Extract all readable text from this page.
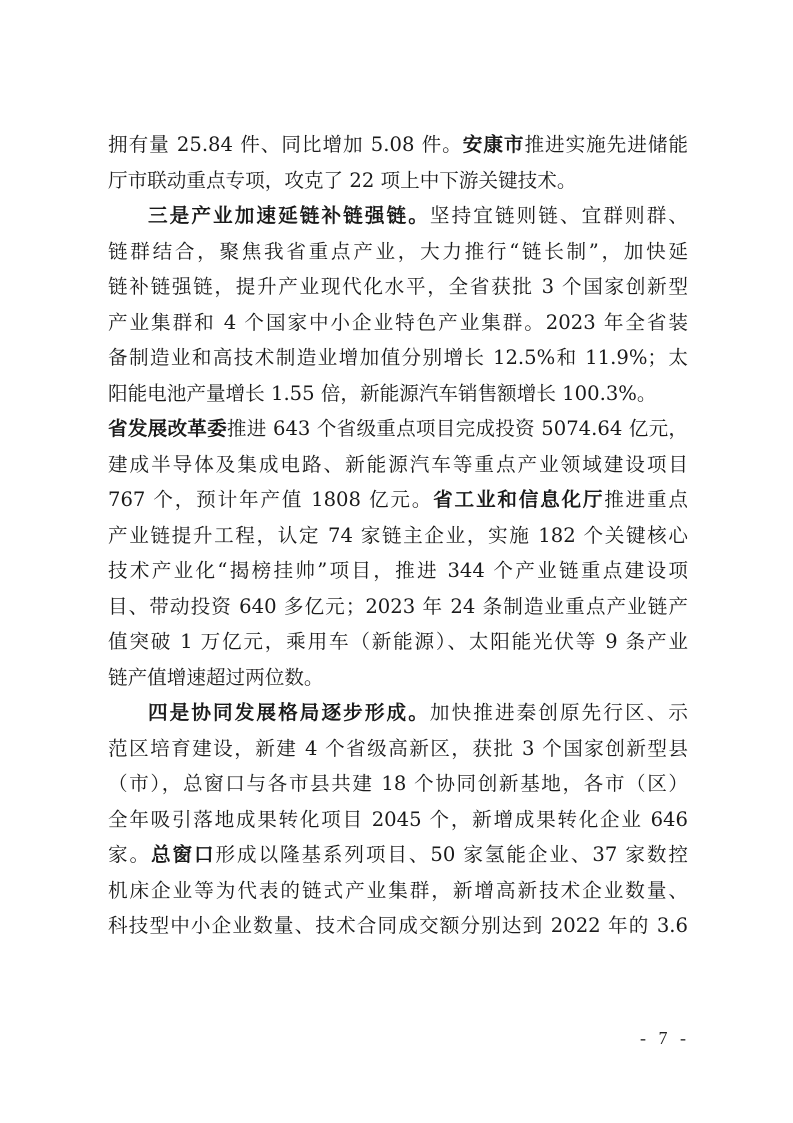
拥有量 25.84 件、同比增加 5.08 件。安康市推进实施先进储能
厅市联动重点专项，攻克了 22 项上中下游关键技术。
三是产业加速延链补链强链。坚持宜链则链、宜群则群、
链群结合，聚焦我省重点产业，大力推行“链长制”，加快延
链补链强链，提升产业现代化水平，全省获批 3 个国家创新型
产业集群和 4 个国家中小企业特色产业集群。2023 年全省装
备制造业和高技术制造业增加值分别增长 12.5%和 11.9%；太
阳能电池产量增长 1.55 倍，新能源汽车销售额增长 100.3%。
省发展改革委推进 643 个省级重点项目完成投资 5074.64 亿元，
建成半导体及集成电路、新能源汽车等重点产业领域建设项目
767 个，预计年产值 1808 亿元。省工业和信息化厅推进重点
产业链提升工程，认定 74 家链主企业，实施 182 个关键核心
技术产业化“揭榜挂帅”项目，推进 344 个产业链重点建设项
目、带动投资 640 多亿元；2023 年 24 条制造业重点产业链产
值突破 1 万亿元，乘用车（新能源）、太阳能光伏等 9 条产业
链产值增速超过两位数。
四是协同发展格局逐步形成。加快推进秦创原先行区、示
范区培育建设，新建 4 个省级高新区，获批 3 个国家创新型县
（市），总窗口与各市县共建 18 个协同创新基地，各市（区）
全年吸引落地成果转化项目 2045 个，新增成果转化企业 646
家。总窗口形成以隆基系列项目、50 家氢能企业、37 家数控
机床企业等为代表的链式产业集群，新增高新技术企业数量、
科技型中小企业数量、技术合同成交额分别达到 2022 年的 3.6
- 7 -
